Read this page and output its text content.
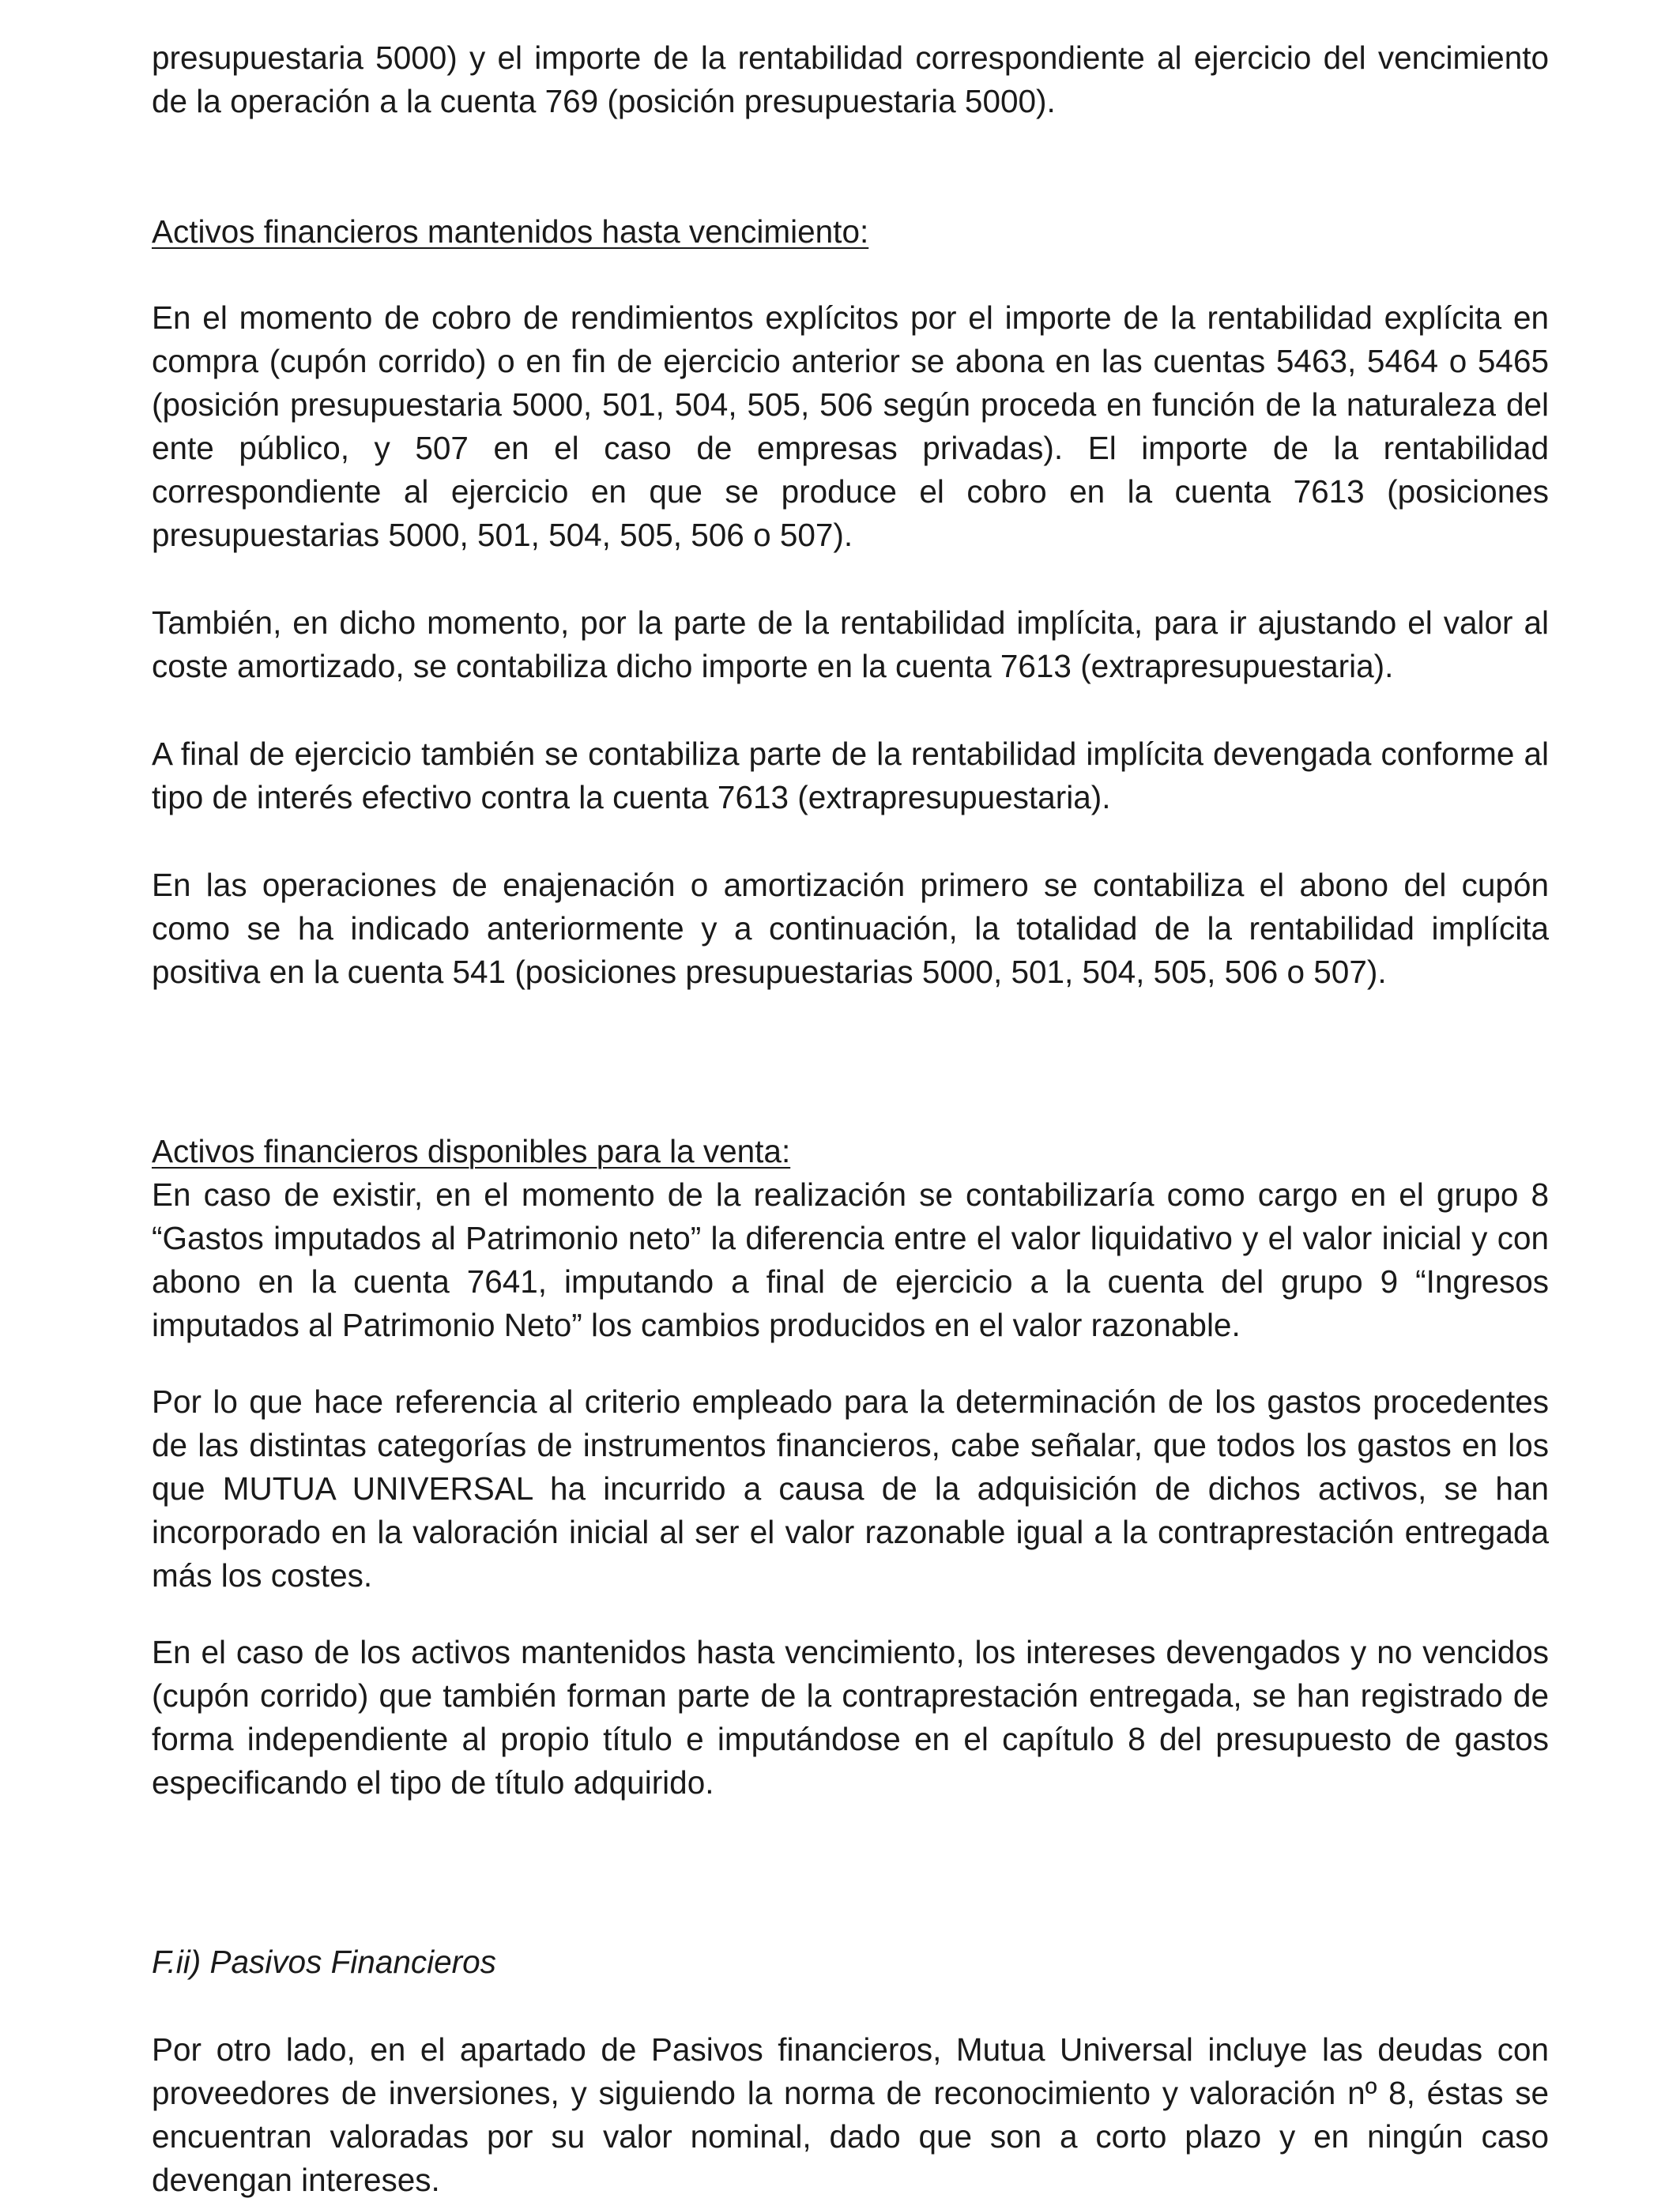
presupuestaria 5000) y el importe de la rentabilidad correspondiente al ejercicio del vencimiento de la operación a la cuenta 769 (posición presupuestaria 5000).

Activos financieros mantenidos hasta vencimiento:

En el momento de cobro de rendimientos explícitos por el importe de la rentabilidad explícita en compra (cupón corrido) o en fin de ejercicio anterior se abona en las cuentas 5463, 5464 o 5465 (posición presupuestaria 5000, 501, 504, 505, 506 según proceda en función de la naturaleza del ente público, y 507 en el caso de empresas privadas). El importe de la rentabilidad correspondiente al ejercicio en que se produce el cobro en la cuenta 7613 (posiciones presupuestarias 5000, 501, 504, 505, 506 o 507).

También, en dicho momento, por la parte de la rentabilidad implícita, para ir ajustando el valor al coste amortizado, se contabiliza dicho importe en la cuenta 7613 (extrapresupuestaria).

A final de ejercicio también se contabiliza parte de la rentabilidad implícita devengada conforme al tipo de interés efectivo contra la cuenta 7613 (extrapresupuestaria).

En las operaciones de enajenación o amortización primero se contabiliza el abono del cupón como se ha indicado anteriormente y a continuación, la totalidad de la rentabilidad implícita positiva en la cuenta 541 (posiciones presupuestarias 5000, 501, 504, 505, 506 o 507).

Activos financieros disponibles para la venta:

En caso de existir, en el momento de la realización se contabilizaría como cargo en el grupo 8 “Gastos imputados al Patrimonio neto” la diferencia entre el valor liquidativo y el valor inicial y con abono en la cuenta 7641, imputando a final de ejercicio a la cuenta del grupo 9 “Ingresos imputados al Patrimonio Neto” los cambios producidos en el valor razonable.

Por lo que hace referencia al criterio empleado para la determinación de los gastos procedentes de las distintas categorías de instrumentos financieros, cabe señalar, que todos los gastos en los que MUTUA UNIVERSAL ha incurrido a causa de la adquisición de dichos activos, se han incorporado en la valoración inicial al ser el valor razonable igual a la contraprestación entregada más los costes.

En el caso de los activos mantenidos hasta vencimiento, los intereses devengados y no vencidos (cupón corrido) que también forman parte de la contraprestación entregada, se han registrado de forma independiente al propio título e imputándose en el capítulo 8 del presupuesto de gastos especificando el tipo de título adquirido.

F.ii) Pasivos Financieros

Por otro lado, en el apartado de Pasivos financieros, Mutua Universal incluye las deudas con proveedores de inversiones, y siguiendo la norma de reconocimiento y valoración nº 8, éstas se encuentran valoradas por su valor nominal, dado que son a corto plazo y en ningún caso devengan intereses.
